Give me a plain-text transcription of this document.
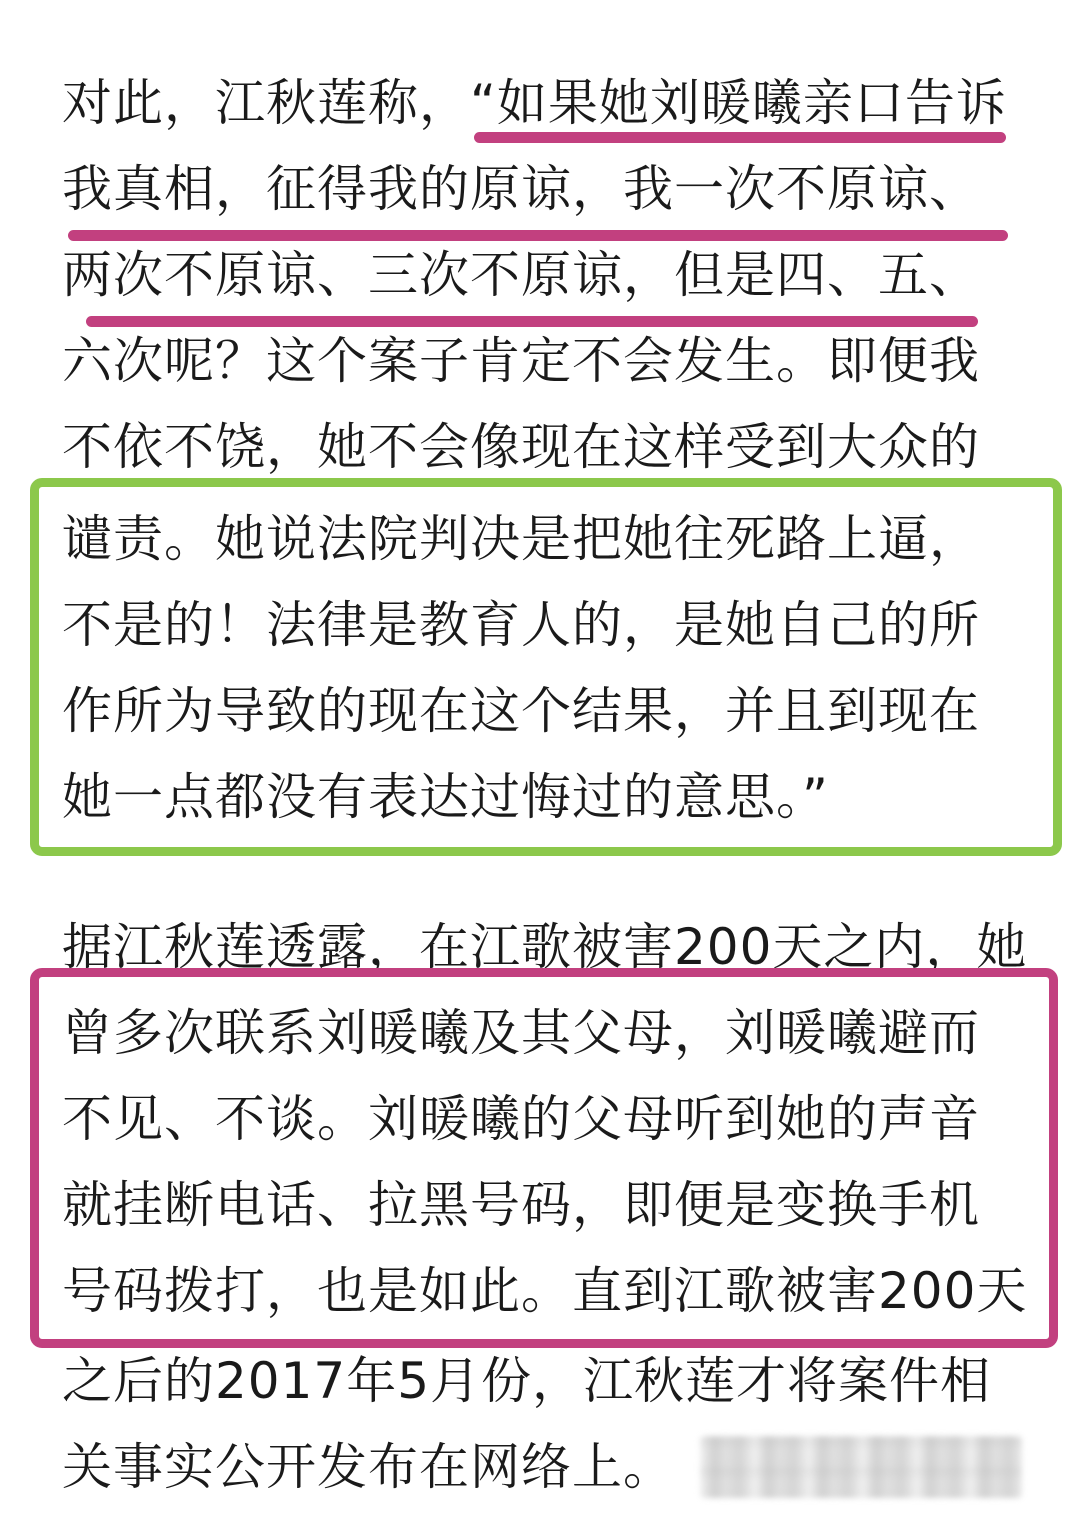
对此，江秋莲称，“如果她刘暖曦亲口告诉
我真相，征得我的原谅，我一次不原谅、
两次不原谅、三次不原谅，但是四、五、
六次呢？这个案子肯定不会发生。即便我
不依不饶，她不会像现在这样受到大众的
谴责。她说法院判决是把她往死路上逼，
不是的！法律是教育人的，是她自己的所
作所为导致的现在这个结果，并且到现在
她一点都没有表达过悔过的意思。”
据江秋莲透露，在江歌被害200天之内，她
曾多次联系刘暖曦及其父母，刘暖曦避而
不见、不谈。刘暖曦的父母听到她的声音
就挂断电话、拉黑号码，即便是变换手机
号码拨打，也是如此。直到江歌被害200天
之后的2017年5月份，江秋莲才将案件相
关事实公开发布在网络上。
